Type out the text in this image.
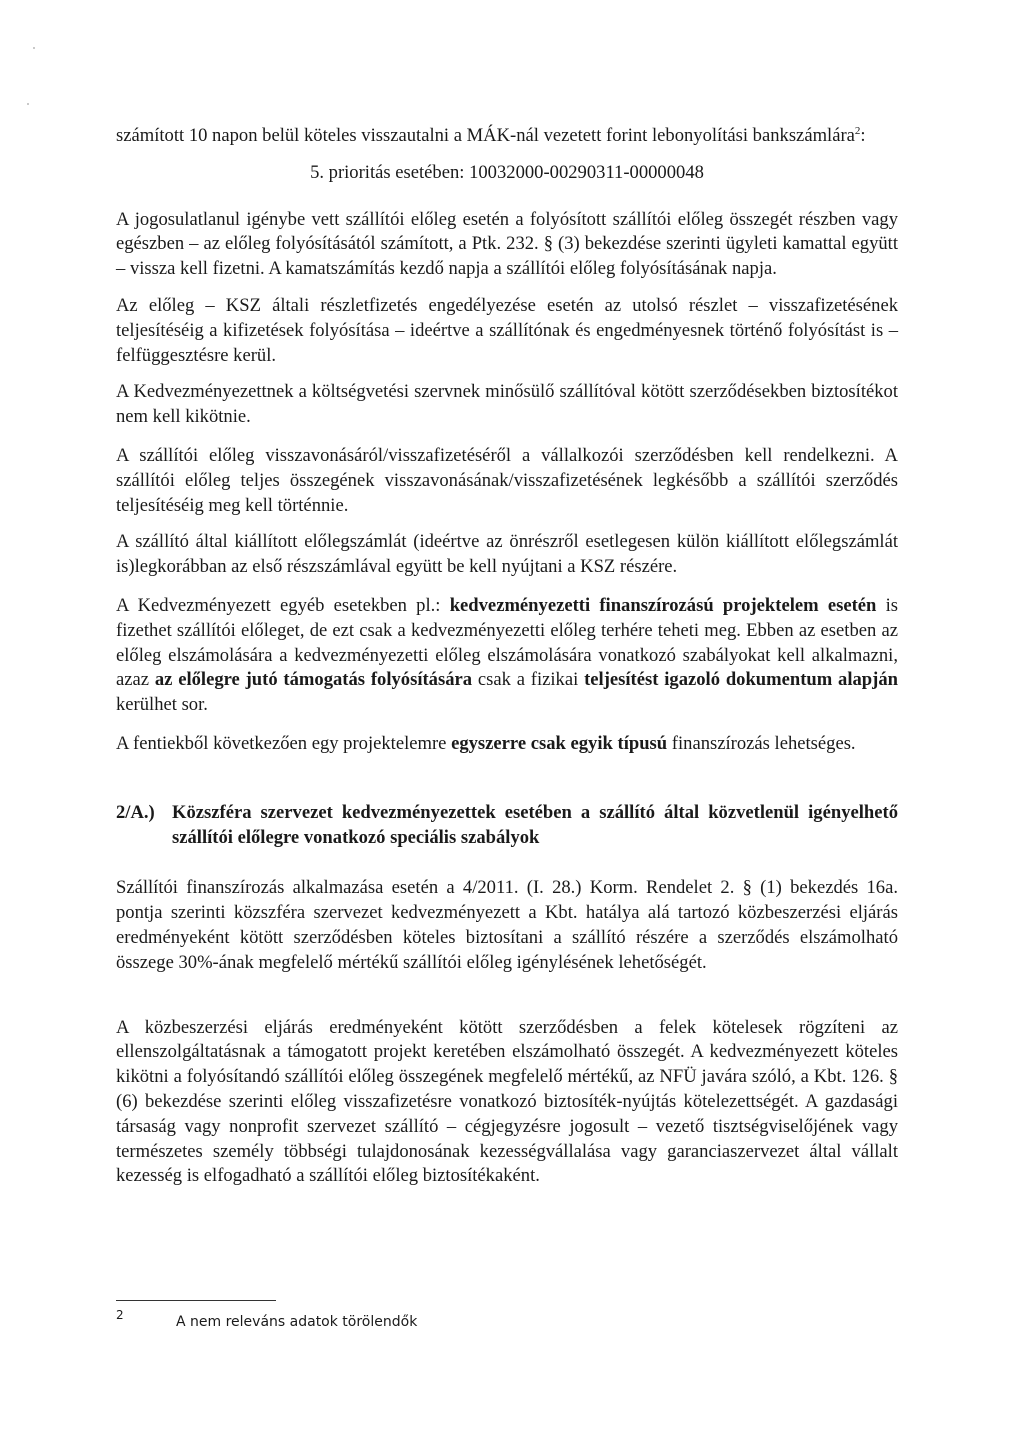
számított 10 napon belül köteles visszautalni a MÁK-nál vezetett forint lebonyolítási bankszámlára$^2$:

5. prioritás esetében: 10032000-00290311-00000048

A jogosulatlanul igénybe vett szállítói előleg esetén a folyósított szállítói előleg összegét részben vagy egészben – az előleg folyósításától számított, a Ptk. 232. § (3) bekezdése szerinti ügyleti kamattal együtt – vissza kell fizetni. A kamatszámítás kezdő napja a szállítói előleg folyósításának napja.

Az előleg – KSZ általi részletfizetés engedélyezése esetén az utolsó részlet – visszafizetésének teljesítéséig a kifizetések folyósítása – ideértve a szállítónak és engedményesnek történő folyósítást is – felfüggesztésre kerül.

A Kedvezményezettnek a költségvetési szervnek minősülő szállítóval kötött szerződésekben biztosítékot nem kell kikötnie.

A szállítói előleg visszavonásáról/visszafizetéséről a vállalkozói szerződésben kell rendelkezni. A szállítói előleg teljes összegének visszavonásának/visszafizetésének legkésőbb a szállítói szerződés teljesítéséig meg kell történnie.

A szállító által kiállított előlegszámlát (ideértve az önrészről esetlegesen külön kiállított előlegszámlát is)legkorábban az első részszámlával együtt be kell nyújtani a KSZ részére.

A Kedvezményezett egyéb esetekben pl.: kedvezményezetti finanszírozású projektelem esetén is fizethet szállítói előleget, de ezt csak a kedvezményezetti előleg terhére teheti meg. Ebben az esetben az előleg elszámolására a kedvezményezetti előleg elszámolására vonatkozó szabályokat kell alkalmazni, azaz az előlegre jutó támogatás folyósítására csak a fizikai teljesítést igazoló dokumentum alapján kerülhet sor.

A fentiekből következően egy projektelemre egyszerre csak egyik típusú finanszírozás lehetséges.

2/A.) Közszféra szervezet kedvezményezettek esetében a szállító által közvetlenül igényelhető szállítói előlegre vonatkozó speciális szabályok

Szállítói finanszírozás alkalmazása esetén a 4/2011. (I. 28.) Korm. Rendelet 2. § (1) bekezdés 16a. pontja szerinti közszféra szervezet kedvezményezett a Kbt. hatálya alá tartozó közbeszerzési eljárás eredményeként kötött szerződésben köteles biztosítani a szállító részére a szerződés elszámolható összege 30%-ának megfelelő mértékű szállítói előleg igénylésének lehetőségét.

A közbeszerzési eljárás eredményeként kötött szerződésben a felek kötelesek rögzíteni az ellenszolgáltatásnak a támogatott projekt keretében elszámolható összegét. A kedvezményezett köteles kikötni a folyósítandó szállítói előleg összegének megfelelő mértékű, az NFÜ javára szóló, a Kbt. 126. § (6) bekezdése szerinti előleg visszafizetésre vonatkozó biztosíték-nyújtás kötelezettségét. A gazdasági társaság vagy nonprofit szervezet szállító – cégjegyzésre jogosult – vezető tisztségviselőjének vagy természetes személy többségi tulajdonosának kezességvállalása vagy garanciaszervezet által vállalt kezesség is elfogadható a szállítói előleg biztosítékaként.

2	A nem releváns adatok törölendők
